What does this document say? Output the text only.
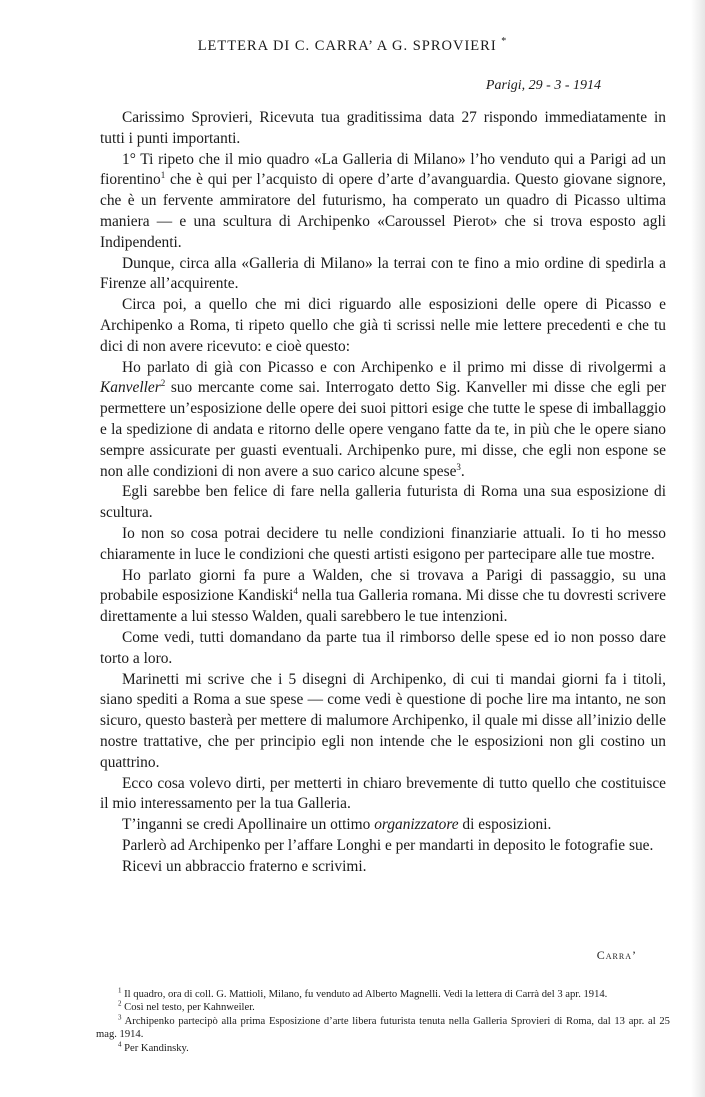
LETTERA DI C. CARRA’ A G. SPROVIERI *
Parigi, 29 - 3 - 1914

Carissimo Sprovieri, Ricevuta tua graditissima data 27 rispondo immediatamente in tutti i punti importanti.

1° Ti ripeto che il mio quadro «La Galleria di Milano» l’ho venduto qui a Parigi ad un fiorentino$^1$ che è qui per l’acquisto di opere d’arte d’avanguardia. Questo giovane signore, che è un fervente ammiratore del futurismo, ha comperato un quadro di Picasso ultima maniera — e una scultura di Archipenko «Caroussel Pierot» che si trova esposto agli Indipendenti.

Dunque, circa alla «Galleria di Milano» la terrai con te fino a mio ordine di spedirla a Firenze all’acquirente.

Circa poi, a quello che mi dici riguardo alle esposizioni delle opere di Picasso e Archipenko a Roma, ti ripeto quello che già ti scrissi nelle mie lettere precedenti e che tu dici di non avere ricevuto: e cioè questo:

Ho parlato di già con Picasso e con Archipenko e il primo mi disse di rivolgermi a Kanveller$^2$ suo mercante come sai. Interrogato detto Sig. Kanveller mi disse che egli per permettere un’esposizione delle opere dei suoi pittori esige che tutte le spese di imballaggio e la spedizione di andata e ritorno delle opere vengano fatte da te, in più che le opere siano sempre assicurate per guasti eventuali. Archipenko pure, mi disse, che egli non espone se non alle condizioni di non avere a suo carico alcune spese$^3$.

Egli sarebbe ben felice di fare nella galleria futurista di Roma una sua esposizione di scultura.

Io non so cosa potrai decidere tu nelle condizioni finanziarie attuali. Io ti ho messo chiaramente in luce le condizioni che questi artisti esigono per partecipare alle tue mostre.

Ho parlato giorni fa pure a Walden, che si trovava a Parigi di passaggio, su una probabile esposizione Kandiski$^4$ nella tua Galleria romana. Mi disse che tu dovresti scrivere direttamente a lui stesso Walden, quali sarebbero le tue intenzioni.

Come vedi, tutti domandano da parte tua il rimborso delle spese ed io non posso dare torto a loro.

Marinetti mi scrive che i 5 disegni di Archipenko, di cui ti mandai giorni fa i titoli, siano spediti a Roma a sue spese — come vedi è questione di poche lire ma intanto, ne son sicuro, questo basterà per mettere di malumore Archipenko, il quale mi disse all’inizio delle nostre trattative, che per principio egli non intende che le esposizioni non gli costino un quattrino.

Ecco cosa volevo dirti, per metterti in chiaro brevemente di tutto quello che costituisce il mio interessamento per la tua Galleria.

T’inganni se credi Apollinaire un ottimo organizzatore di esposizioni.

Parlerò ad Archipenko per l’affare Longhi e per mandarti in deposito le fotografie sue.

Ricevi un abbraccio fraterno e scrivimi.

Carra’

$^1$ Il quadro, ora di coll. G. Mattioli, Milano, fu venduto ad Alberto Magnelli. Vedi la lettera di Carrà del 3 apr. 1914.

$^2$ Così nel testo, per Kahnweiler.

$^3$ Archipenko partecipò alla prima Esposizione d’arte libera futurista tenuta nella Galleria Sprovieri di Roma, dal 13 apr. al 25 mag. 1914.

$^4$ Per Kandinsky.
